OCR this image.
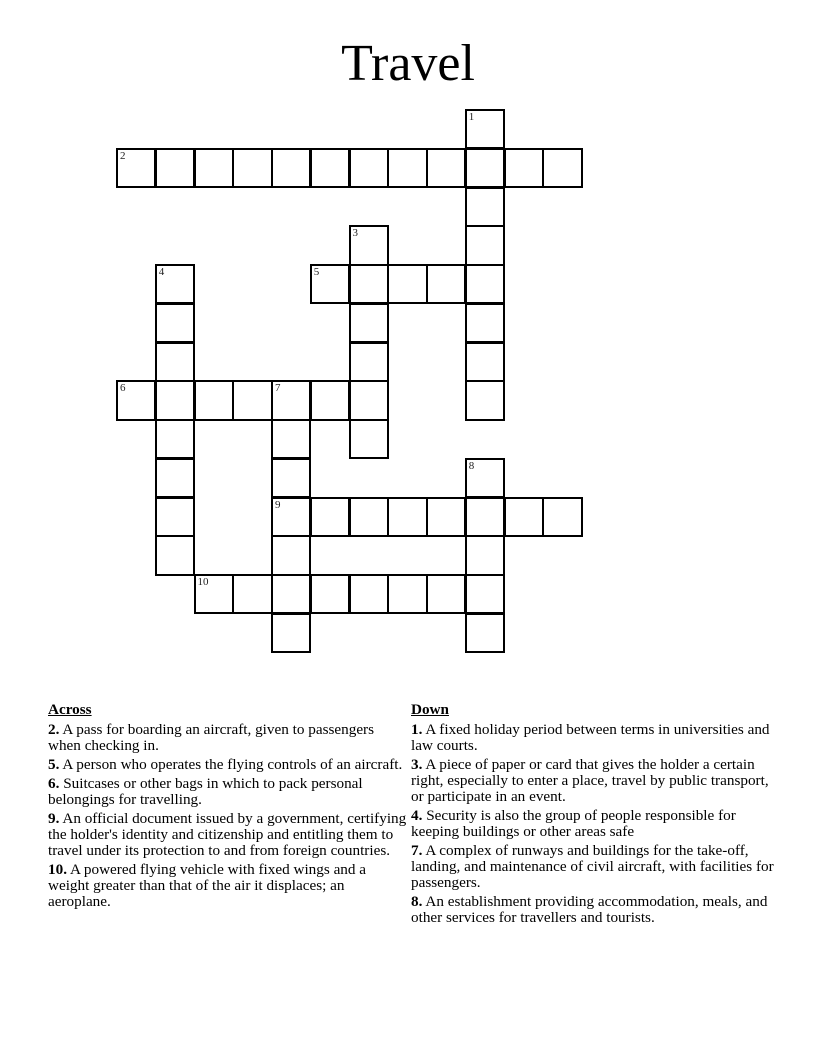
Travel
1
2
3
4	5
6	7
9
8
10
Across
2. A pass for boarding an aircraft, given to passengers when checking in.
5. A person who operates the flying controls of an aircraft.
6. Suitcases or other bags in which to pack personal belongings for travelling.
9. An official document issued by a government, certifying the holder's identity and citizenship and entitling them to travel under its protection to and from foreign countries.
10. A powered flying vehicle with fixed wings and a weight greater than that of the air it displaces; an aeroplane.
Down
1. A fixed holiday period between terms in universities and law courts.
3. A piece of paper or card that gives the holder a certain right, especially to enter a place, travel by public transport, or participate in an event.
4. Security is also the group of people responsible for keeping buildings or other areas safe
7. A complex of runways and buildings for the take-off, landing, and maintenance of civil aircraft, with facilities for passengers.
8. An establishment providing accommodation, meals, and other services for travellers and tourists.
